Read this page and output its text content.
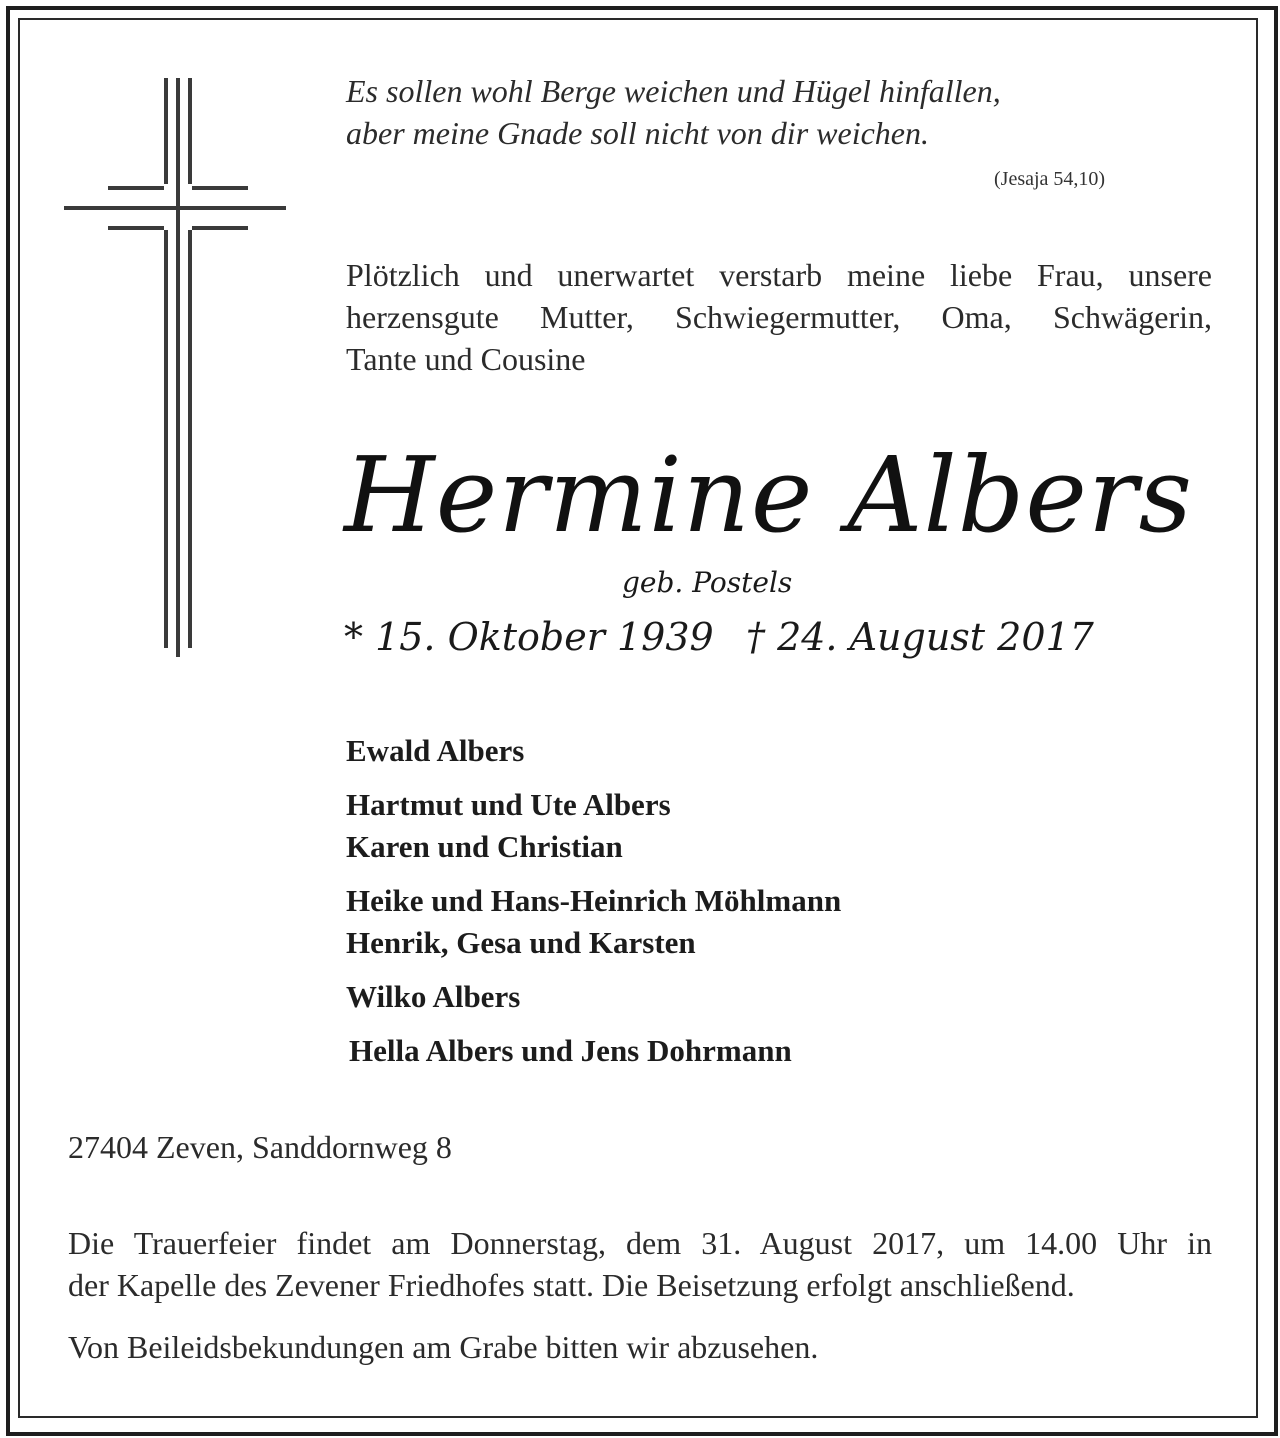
Es sollen wohl Berge weichen und Hügel hinfallen,
aber meine Gnade soll nicht von dir weichen.
(Jesaja 54,10)
Plötzlich und unerwartet verstarb meine liebe Frau, unsere
herzensgute Mutter, Schwiegermutter, Oma, Schwägerin,
Tante und Cousine
Hermine Albers
geb. Postels
* 15. Oktober 1939 † 24. August 2017
Ewald Albers
Hartmut und Ute Albers
Karen und Christian
Heike und Hans-Heinrich Möhlmann
Henrik, Gesa und Karsten
Wilko Albers
Hella Albers und Jens Dohrmann
27404 Zeven, Sanddornweg 8
Die Trauerfeier findet am Donnerstag, dem 31. August 2017, um 14.00 Uhr in
der Kapelle des Zevener Friedhofes statt. Die Beisetzung erfolgt anschließend.
Von Beileidsbekundungen am Grabe bitten wir abzusehen.
